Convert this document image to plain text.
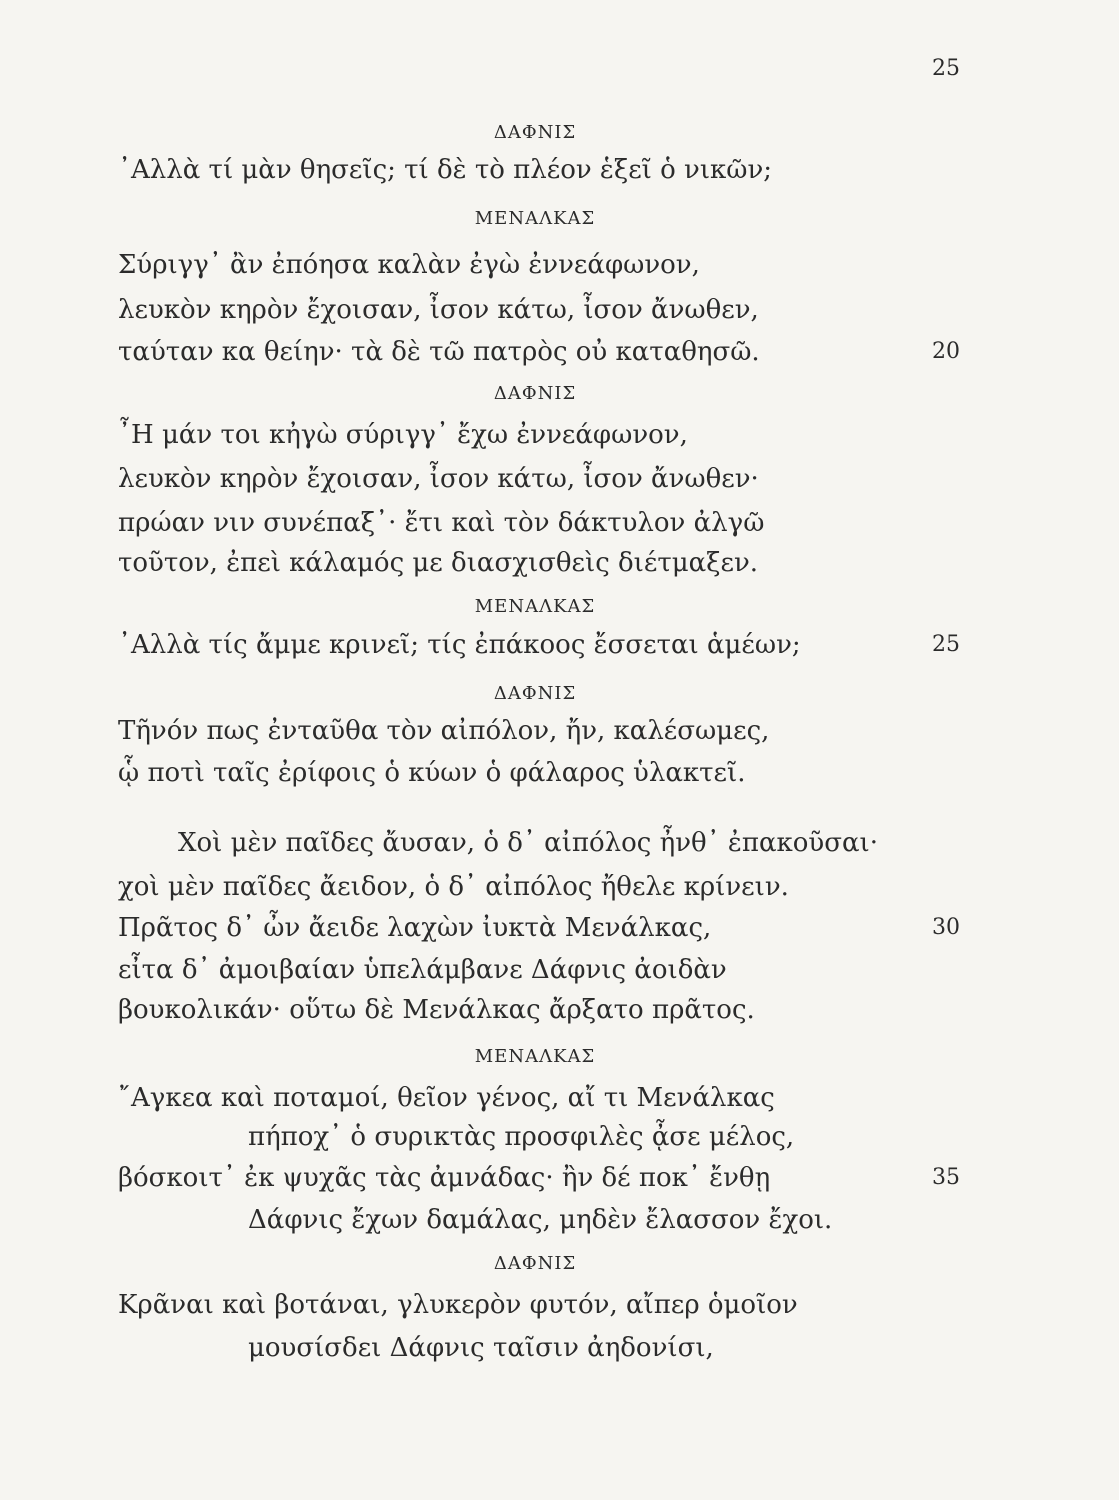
25
ΔΑΦΝΙΣ
᾿Αλλὰ τί μὰν θησεῖς; τί δὲ τὸ πλέον ἑξεῖ ὁ νικῶν;
ΜΕΝΑΛΚΑΣ
Σύριγγ᾿ ἂν ἐπόησα καλὰν ἐγὼ ἐννεάφωνον,
λευκὸν κηρὸν ἔχοισαν, ἶσον κάτω, ἶσον ἄνωθεν,
ταύταν κα θείην· τὰ δὲ τῶ πατρὸς οὐ καταθησῶ.	20
ΔΑΦΝΙΣ
῏Η μάν τοι κἠγὼ σύριγγ᾿ ἔχω ἐννεάφωνον,
λευκὸν κηρὸν ἔχοισαν, ἶσον κάτω, ἶσον ἄνωθεν·
πρώαν νιν συνέπαξ᾿· ἔτι καὶ τὸν δάκτυλον ἀλγῶ
τοῦτον, ἐπεὶ κάλαμός με διασχισθεὶς διέτμαξεν.
ΜΕΝΑΛΚΑΣ
᾿Αλλὰ τίς ἄμμε κρινεῖ; τίς ἐπάκοος ἔσσεται ἁμέων;	25
ΔΑΦΝΙΣ
Τῆνόν πως ἐνταῦθα τὸν αἰπόλον, ἤν, καλέσωμες,
ᾧ ποτὶ ταῖς ἐρίφοις ὁ κύων ὁ φάλαρος ὑλακτεῖ.
Χοὶ μὲν παῖδες ἄυσαν, ὁ δ᾿ αἰπόλος ἦνθ᾿ ἐπακοῦσαι·
χοὶ μὲν παῖδες ἄειδον, ὁ δ᾿ αἰπόλος ἤθελε κρίνειν.
Πρᾶτος δ᾿ ὦν ἄειδε λαχὼν ἰυκτὰ Μενάλκας,	30
εἶτα δ᾿ ἀμοιβαίαν ὑπελάμβανε Δάφνις ἀοιδὰν
βουκολικάν· οὕτω δὲ Μενάλκας ἄρξατο πρᾶτος.
ΜΕΝΑΛΚΑΣ
῎Αγκεα καὶ ποταμοί, θεῖον γένος, αἴ τι Μενάλκας
πήποχ᾿ ὁ συρικτὰς προσφιλὲς ᾆσε μέλος,
βόσκοιτ᾿ ἐκ ψυχᾶς τὰς ἀμνάδας· ἢν δέ ποκ᾿ ἔνθῃ	35
Δάφνις ἔχων δαμάλας, μηδὲν ἔλασσον ἔχοι.
ΔΑΦΝΙΣ
Κρᾶναι καὶ βοτάναι, γλυκερὸν φυτόν, αἴπερ ὁμοῖον
μουσίσδει Δάφνις ταῖσιν ἀηδονίσι,
